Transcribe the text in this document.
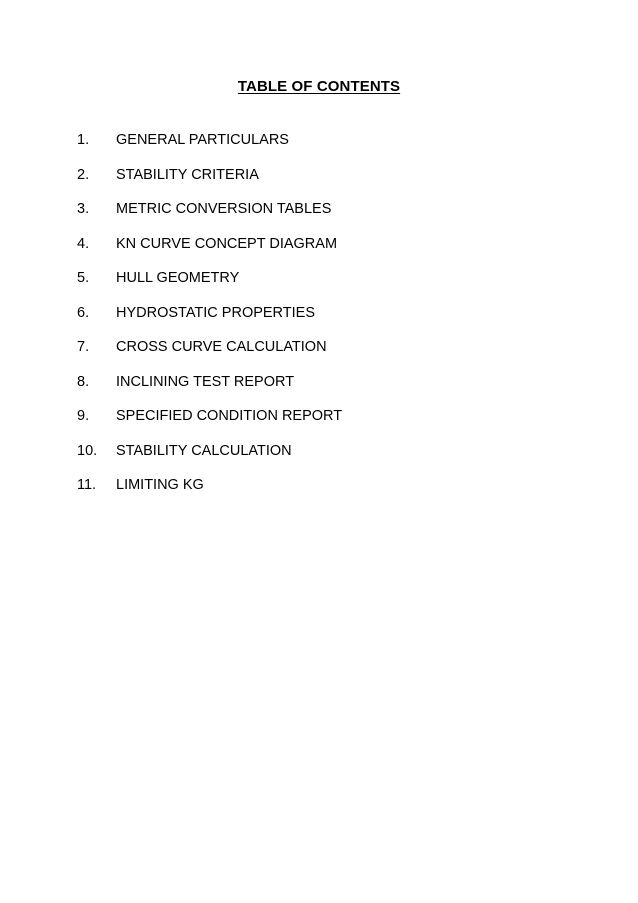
TABLE OF CONTENTS
1.	GENERAL PARTICULARS
2.	STABILITY CRITERIA
3.	METRIC CONVERSION TABLES
4.	KN CURVE CONCEPT DIAGRAM
5.	HULL GEOMETRY
6.	HYDROSTATIC PROPERTIES
7.	CROSS CURVE CALCULATION
8.	INCLINING TEST REPORT
9.	SPECIFIED CONDITION REPORT
10.	STABILITY CALCULATION
11.	LIMITING KG
